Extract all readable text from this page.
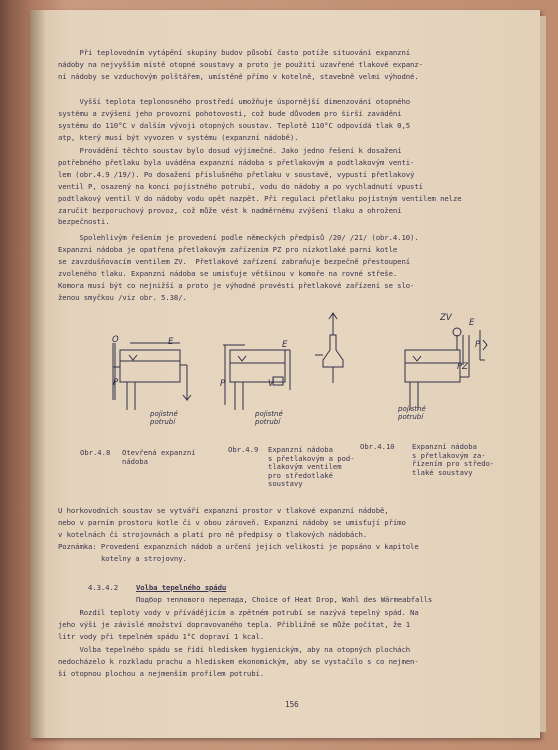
Při teplovodním vytápění skupiny budov působí často potíže situování expanzní
nádoby na nejvyšším místě otopné soustavy a proto je použití uzavřené tlakové expanz-
ní nádoby se vzduchovým polštářem, umístěné přímo v kotelně, stavebně velmi výhodné.

Vyšší teplota teplonosného prostředí umožňuje úspornější dimenzování otopného
systému a zvýšení jeho provozní pohotovosti, což bude důvodem pro širší zavádění
systému do 110°C v dalším vývoji otopných soustav. Teplotě 110°C odpovídá tlak 0,5
atp, který musí být vyvozen v systému (expanzní nádobě).

Provádění těchto soustav bylo dosud výjimečné. Jako jedno řešení k dosažení
potřebného přetlaku byla uváděna expanzní nádoba s přetlakovým a podtlakovým venti-
lem (obr.4.9 /19/). Po dosažení příslušného přetlaku v soustavě, vypustí přetlakový
ventil P, osazený na konci pojistného potrubí, vodu do nádoby a po vychladnutí vpustí
podtlakový ventil V do nádoby vodu opět nazpět. Při regulaci přetlaku pojistným ventilem nelze
zaručit bezporuchový provoz, což může vést k nadměrnému zvýšení tlaku a ohrožení
bezpečnosti.

Spolehlivým řešením je provedení podle německých předpisů /20/ /21/ (obr.4.10).
Expanzní nádoba je opatřena přetlakovým zařízením PZ pro nízkotlaké parní kotle
se zavzdušňovacím ventilem ZV.  Přetlakové zařízení zabraňuje bezpečně přestoupení
zvoleného tlaku. Expanzní nádoba se umisťuje většinou v komoře na rovné střeše.
Komora musí být co nejnižší a proto je výhodné provésti přetlakové zařízení se slo-
ženou smyčkou /viz obr. 5.38/.

O	E

P

E

P	V

ZV E

P

PZ

pojistné
potrubí

pojistné
potrubí

pojistné
potrubí

Obr.4.8 Otevřená expanzní
nádoba

Obr.4.9 Expanzní nádoba
s přetlakovým a pod-
tlakovým ventilem
pro středotlaké
soustavy

Obr.4.10 Expanzní nádoba
s přetlakovým za-
řízením pro středo-
tlaké soustavy

U horkovodních soustav se vytváří expanzní prostor v tlakové expanzní nádobě,
nebo v parním prostoru kotle či v obou zároveň. Expanzní nádoby se umisťují přímo
v kotelnách či strojovnách a platí pro ně předpisy o tlakových nádobách.
Poznámka: Provedení expanzních nádob a určení jejich velikosti je popsáno v kapitole
kotelny a strojovny.

4.3.4.2	Volba tepelného spádu

Подбор теплового перепада, Choice of Heat Drop, Wahl des Wärmeabfalls

Rozdíl teploty vody v přívádějícím a zpětném potrubí se nazývá tepelný spád. Na
jeho výši je závislé množství dopravovaného tepla. Přibližně se může počítat, že 1
litr vody při tepelném spádu 1°C dopraví 1 kcal.

Volba tepelného spádu se řídí hlediskem hygienickým, aby na otopných plochách
nedocházelo k rozkladu prachu a hlediskem ekonomickým, aby se vystačilo s co nejmen-
ší otopnou plochou a nejmenším profilem potrubí.

156
